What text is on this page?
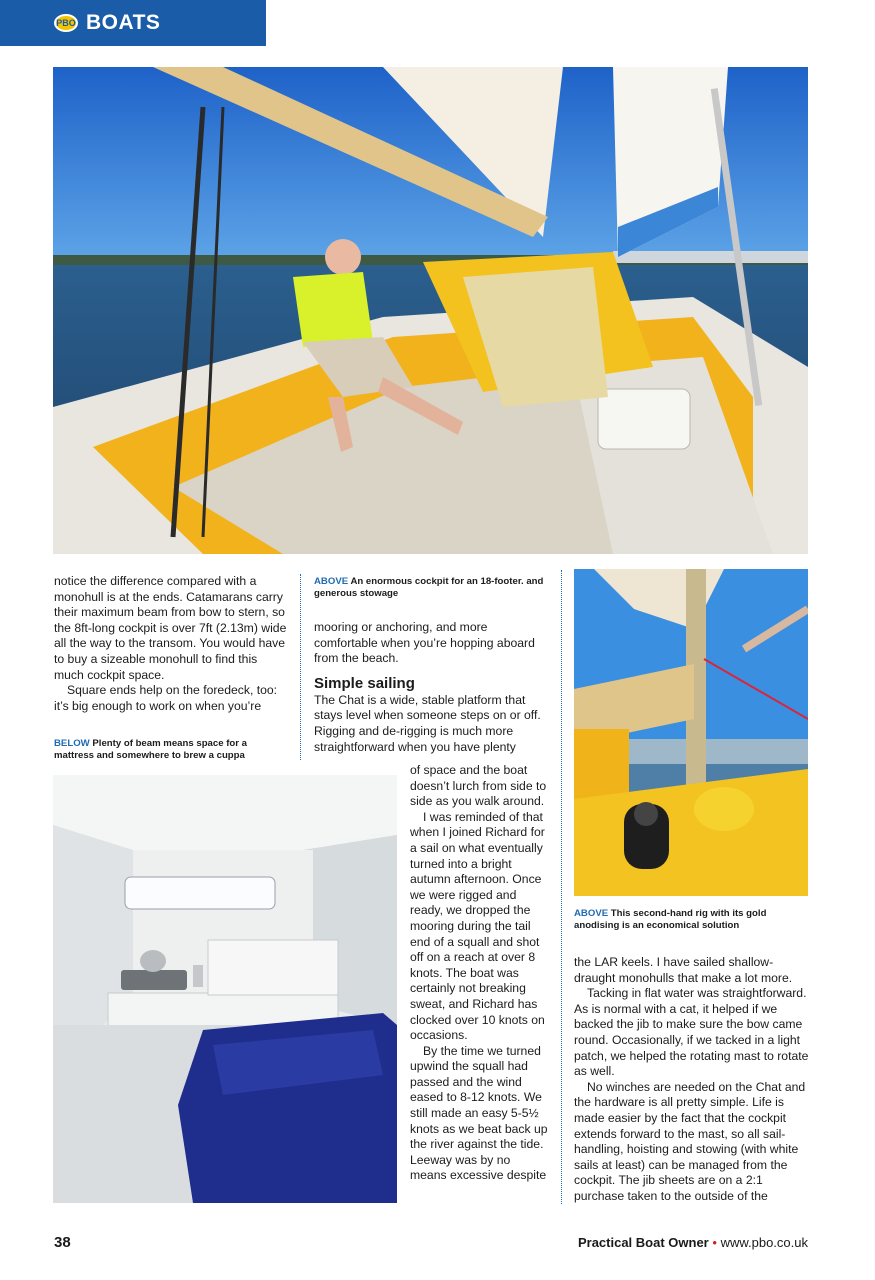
PBO BOATS

notice the difference compared with a monohull is at the ends. Catamarans carry their maximum beam from bow to stern, so the 8ft-long cockpit is over 7ft (2.13m) wide all the way to the transom. You would have to buy a sizeable monohull to find this much cockpit space.

Square ends help on the foredeck, too: it’s big enough to work on when you’re

BELOW Plenty of beam means space for a mattress and somewhere to brew a cuppa
ABOVE An enormous cockpit for an 18-footer. and generous stowage

mooring or anchoring, and more comfortable when you’re hopping aboard from the beach.

Simple sailing

The Chat is a wide, stable platform that stays level when someone steps on or off. Rigging and de-rigging is much more straightforward when you have plenty

of space and the boat doesn’t lurch from side to side as you walk around.

I was reminded of that when I joined Richard for a sail on what eventually turned into a bright autumn afternoon. Once we were rigged and ready, we dropped the mooring during the tail end of a squall and shot off on a reach at over 8 knots. The boat was certainly not breaking sweat, and Richard has clocked over 10 knots on occasions.

By the time we turned upwind the squall had passed and the wind eased to 8-12 knots. We still made an easy 5-5½ knots as we beat back up the river against the tide. Leeway was by no means excessive despite

ABOVE This second-hand rig with its gold anodising is an economical solution

the LAR keels. I have sailed shallow-draught monohulls that make a lot more.

Tacking in flat water was straightforward. As is normal with a cat, it helped if we backed the jib to make sure the bow came round. Occasionally, if we tacked in a light patch, we helped the rotating mast to rotate as well.

No winches are needed on the Chat and the hardware is all pretty simple. Life is made easier by the fact that the cockpit extends forward to the mast, so all sail-handling, hoisting and stowing (with white sails at least) can be managed from the cockpit. The jib sheets are on a 2:1 purchase taken to the outside of the

38	Practical Boat Owner • www.pbo.co.uk
